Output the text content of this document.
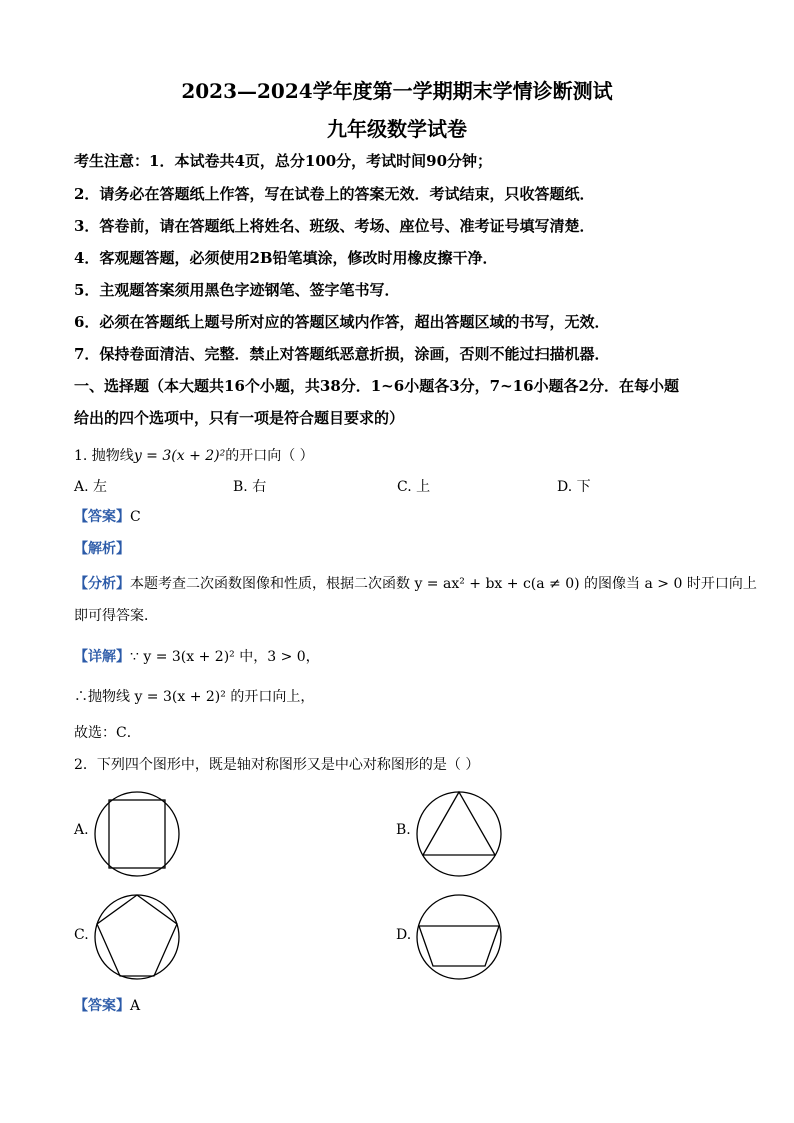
2023—2024学年度第一学期期末学情诊断测试
九年级数学试卷
考生注意：1．本试卷共4页，总分100分，考试时间90分钟；
2．请务必在答题纸上作答，写在试卷上的答案无效．考试结束，只收答题纸．
3．答卷前，请在答题纸上将姓名、班级、考场、座位号、准考证号填写清楚．
4．客观题答题，必须使用2B铅笔填涂，修改时用橡皮擦干净．
5．主观题答案须用黑色字迹钢笔、签字笔书写．
6．必须在答题纸上题号所对应的答题区域内作答，超出答题区域的书写，无效．
7．保持卷面清洁、完整．禁止对答题纸恶意折损，涂画，否则不能过扫描机器．
一、选择题（本大题共16个小题，共38分．1~6小题各3分，7~16小题各2分．在每小题
给出的四个选项中，只有一项是符合题目要求的）
1. 抛物线y = 3(x + 2)²的开口向（ ）
A. 左	B. 右	C. 上	D. 下
【答案】C
【解析】
【分析】本题考查二次函数图像和性质，根据二次函数 y = ax² + bx + c(a ≠ 0) 的图像当 a > 0 时开口向上
即可得答案．
【详解】∵ y = 3(x + 2)² 中，3 > 0，
∴抛物线 y = 3(x + 2)² 的开口向上，
故选：C．
2．下列四个图形中，既是轴对称图形又是中心对称图形的是（ ）
A.	B.
C.	D.
【答案】A
